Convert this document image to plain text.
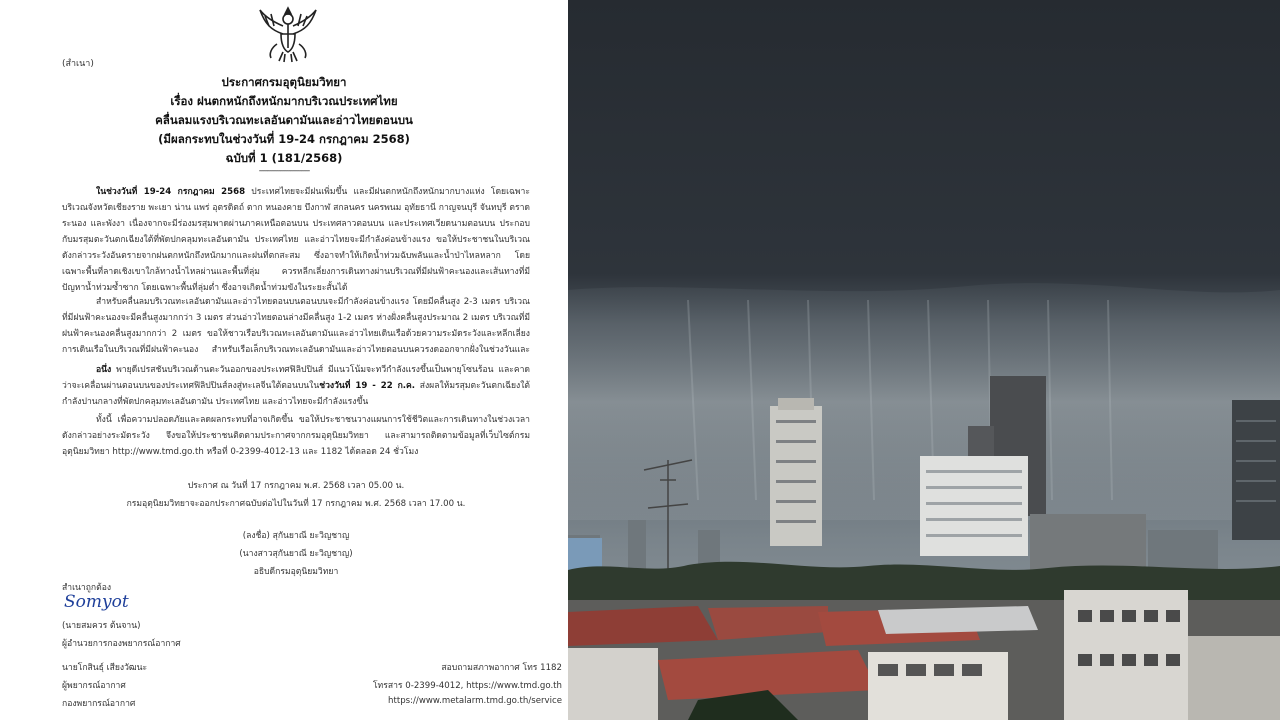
(สำเนา)
ประกาศกรมอุตุนิยมวิทยา
เรื่อง ฝนตกหนักถึงหนักมากบริเวณประเทศไทย
คลื่นลมแรงบริเวณทะเลอันดามันและอ่าวไทยตอนบน
(มีผลกระทบในช่วงวันที่ 19-24 กรกฎาคม 2568)
ฉบับที่ 1 (181/2568)
------------------------
ในช่วงวันที่ 19-24 กรกฎาคม 2568 ประเทศไทยจะมีฝนเพิ่มขึ้น และมีฝนตกหนักถึงหนักมากบางแห่ง โดยเฉพาะบริเวณจังหวัดเชียงราย พะเยา น่าน แพร่ อุตรดิตถ์ ตาก หนองคาย บึงกาฬ สกลนคร นครพนม อุทัยธานี กาญจนบุรี จันทบุรี ตราด ระนอง และพังงา เนื่องจากจะมีร่องมรสุมพาดผ่านภาคเหนือตอนบน ประเทศลาวตอนบน และประเทศเวียดนามตอนบน ประกอบกับมรสุมตะวันตกเฉียงใต้ที่พัดปกคลุมทะเลอันดามัน ประเทศไทย และอ่าวไทยจะมีกำลังค่อนข้างแรง ขอให้ประชาชนในบริเวณดังกล่าวระวังอันตรายจากฝนตกหนักถึงหนักมากและฝนที่ตกสะสม ซึ่งอาจทำให้เกิดน้ำท่วมฉับพลันและน้ำป่าไหลหลาก โดยเฉพาะพื้นที่ลาดเชิงเขาใกล้ทางน้ำไหลผ่านและพื้นที่ลุ่ม ควรหลีกเลี่ยงการเดินทางผ่านบริเวณที่มีฝนฟ้าคะนองและเส้นทางที่มีปัญหาน้ำท่วมซ้ำซาก โดยเฉพาะพื้นที่ลุ่มต่ำ ซึ่งอาจเกิดน้ำท่วมขังในระยะสั้นได้
สำหรับคลื่นลมบริเวณทะเลอันดามันและอ่าวไทยตอนบนตอนบนจะมีกำลังค่อนข้างแรง โดยมีคลื่นสูง 2-3 เมตร บริเวณที่มีฝนฟ้าคะนองจะมีคลื่นสูงมากกว่า 3 เมตร ส่วนอ่าวไทยตอนล่างมีคลื่นสูง 1-2 เมตร ห่างฝั่งคลื่นสูงประมาณ 2 เมตร บริเวณที่มีฝนฟ้าคะนองคลื่นสูงมากกว่า 2 เมตร ขอให้ชาวเรือบริเวณทะเลอันดามันและอ่าวไทยเดินเรือด้วยความระมัดระวังและหลีกเลี่ยงการเดินเรือในบริเวณที่มีฝนฟ้าคะนอง สำหรับเรือเล็กบริเวณทะเลอันดามันและอ่าวไทยตอนบนควรงดออกจากฝั่งในช่วงวันและ
อนึ่ง พายุดีเปรสชันบริเวณด้านตะวันออกของประเทศฟิลิปปินส์ มีแนวโน้มจะทวีกำลังแรงขึ้นเป็นพายุโซนร้อน และคาดว่าจะเคลื่อนผ่านตอนบนของประเทศฟิลิปปินส์ลงสู่ทะเลจีนใต้ตอนบนในช่วงวันที่ 19 - 22 ก.ค. ส่งผลให้มรสุมตะวันตกเฉียงใต้กำลังปานกลางที่พัดปกคลุมทะเลอันดามัน ประเทศไทย และอ่าวไทยจะมีกำลังแรงขึ้น
ทั้งนี้ เพื่อความปลอดภัยและลดผลกระทบที่อาจเกิดขึ้น ขอให้ประชาชนวางแผนการใช้ชีวิตและการเดินทางในช่วงเวลาดังกล่าวอย่างระมัดระวัง จึงขอให้ประชาชนติดตามประกาศจากกรมอุตุนิยมวิทยา และสามารถติดตามข้อมูลที่เว็บไซต์กรมอุตุนิยมวิทยา http://www.tmd.go.th หรือที่ 0-2399-4012-13 และ 1182 ได้ตลอด 24 ชั่วโมง
ประกาศ ณ วันที่ 17 กรกฎาคม พ.ศ. 2568 เวลา 05.00 น.
กรมอุตุนิยมวิทยาจะออกประกาศฉบับต่อไปในวันที่ 17 กรกฎาคม พ.ศ. 2568 เวลา 17.00 น.
(ลงชื่อ) สุกันยาณี ยะวิญชาญ
(นางสาวสุกันยาณี ยะวิญชาญ)
อธิบดีกรมอุตุนิยมวิทยา
สำเนาถูกต้อง
Somyot
(นายสมควร ต้นจาน)
ผู้อำนวยการกองพยากรณ์อากาศ
นายโกสินธุ์ เสียงวัฒนะ
ผู้พยากรณ์อากาศ
กองพยากรณ์อากาศ
สอบถามสภาพอากาศ โทร 1182
โทรสาร 0-2399-4012, https://www.tmd.go.th
https://www.metalarm.tmd.go.th/service
